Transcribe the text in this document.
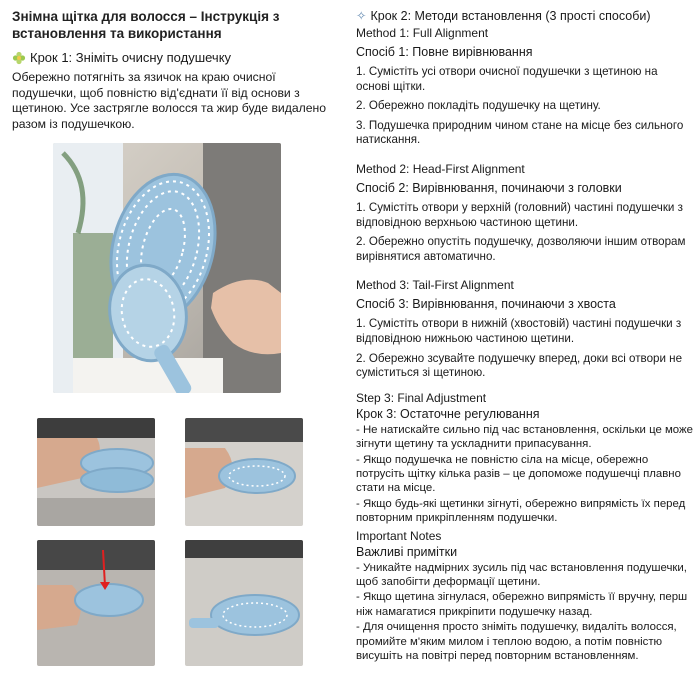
Знімна щітка для волосся – Інструкція з встановлення та використання
Крок 1: Зніміть очисну подушечку
Обережно потягніть за язичок на краю очисної подушечки, щоб повністю від'єднати її від основи з щетиною. Усе застрягле волосся та жир буде видалено разом із подушечкою.
✧ Крок 2: Методи встановлення (3 прості способи)
Method 1: Full Alignment
Спосіб 1: Повне вирівнювання
1. Сумістіть усі отвори очисної подушечки з щетиною на основі щітки.
2. Обережно покладіть подушечку на щетину.
3. Подушечка природним чином стане на місце без сильного натискання.
Method 2: Head-First Alignment
Спосіб 2: Вирівнювання, починаючи з головки
1. Сумістіть отвори у верхній (головний) частині подушечки з відповідною верхньою частиною щетини.
2. Обережно опустіть подушечку, дозволяючи іншим отворам вирівнятися автоматично.
Method 3: Tail-First Alignment
Спосіб 3: Вирівнювання, починаючи з хвоста
1. Сумістіть отвори в нижній (хвостовій) частині подушечки з відповідною нижньою частиною щетини.
2. Обережно зсувайте подушечку вперед, доки всі отвори не суміститься зі щетиною.
Step 3: Final Adjustment
Крок 3: Остаточне регулювання
- Не натискайте сильно під час встановлення, оскільки це може зігнути щетину та ускладнити припасування.
- Якщо подушечка не повністю сіла на місце, обережно потрусіть щітку кілька разів – це допоможе подушечці плавно стати на місце.
- Якщо будь-які щетинки зігнуті, обережно випрямість їх перед повторним прикріпленням подушечки.
Important Notes
Важливі примітки
- Уникайте надмірних зусиль під час встановлення подушечки, щоб запобігти деформації щетини.
- Якщо щетина зігнулася, обережно випрямість її вручну, перш ніж намагатися прикріпити подушечку назад.
- Для очищення просто зніміть подушечку, видаліть волосся, промийте м'яким милом і теплою водою, а потім повністю висушіть на повітрі перед повторним встановленням.
